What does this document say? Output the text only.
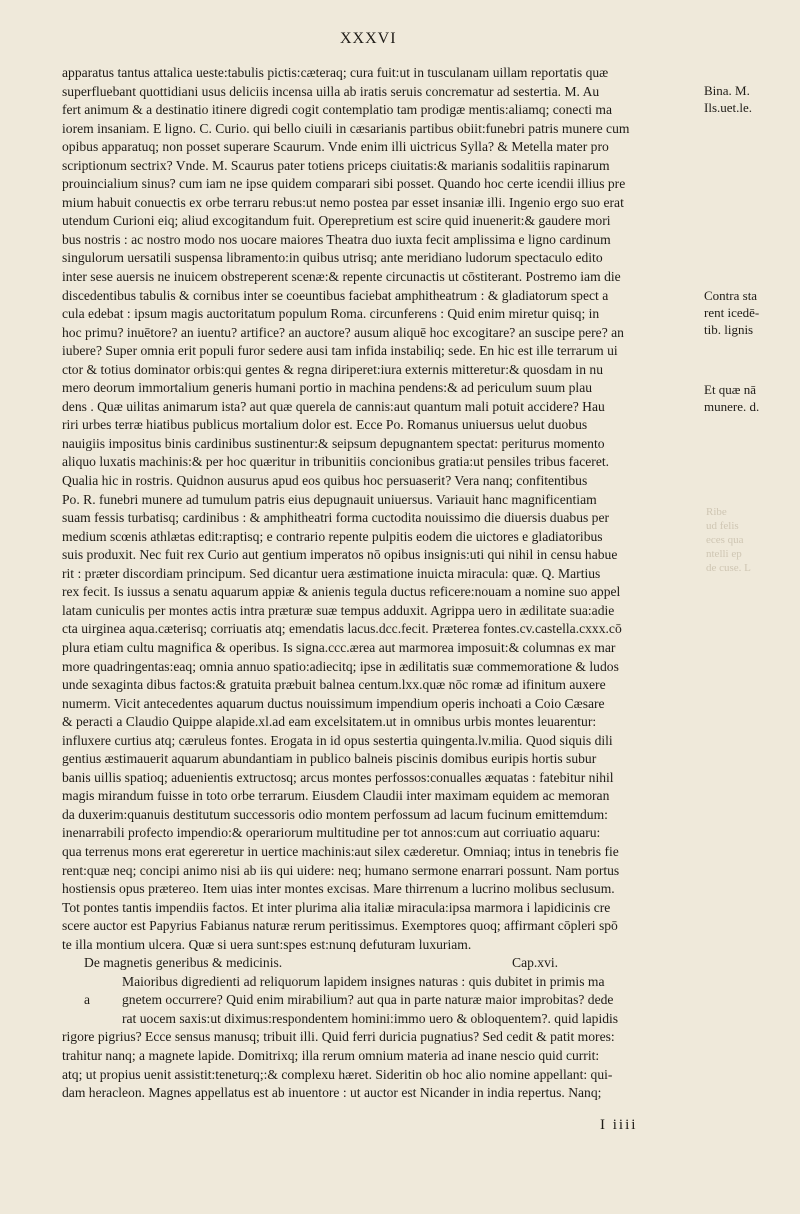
XXXVI
apparatus tantus attalica ueste:tabulis pictis:cæteraq; cura fuit:ut in tusculanam uillam reportatis quæ
superfluebant quottidiani usus deliciis incensa uilla ab iratis seruis concrematur ad sestertia. M. Au
fert animum & a destinatio itinere digredi cogit contemplatio tam prodigæ mentis:aliamq; conecti ma
iorem insaniam. E ligno. C. Curio. qui bello ciuili in cæsarianis partibus obiit:funebri patris munere cum
opibus apparatuq; non posset superare Scaurum. Vnde enim illi uictricus Sylla? & Metella mater pro
scriptionum sectrix? Vnde. M. Scaurus pater totiens priceps ciuitatis:& marianis sodalitiis rapinarum
prouincialium sinus? cum iam ne ipse quidem comparari sibi posset. Quando hoc certe icendii illius pre
mium habuit conuectis ex orbe terraru rebus:ut nemo postea par esset insaniæ illi. Ingenio ergo suo erat
utendum Curioni eiq; aliud excogitandum fuit. Operepretium est scire quid inuenerit:& gaudere mori
bus nostris : ac nostro modo nos uocare maiores Theatra duo iuxta fecit amplissima e ligno cardinum
singulorum uersatili suspensa libramento:in quibus utrisq; ante meridiano ludorum spectaculo edito
inter sese auersis ne inuicem obstreperent scenæ:& repente circunactis ut cōstiterant. Postremo iam die
discedentibus tabulis & cornibus inter se coeuntibus faciebat amphitheatrum : & gladiatorum spect a
cula edebat : ipsum magis auctoritatum populum Roma. circunferens : Quid enim miretur quisq; in
hoc primu? inuētore? an iuentu? artifice? an auctore? ausum aliquē hoc excogitare? an suscipe pere? an
iubere? Super omnia erit populi furor sedere ausi tam infida instabiliq; sede. En hic est ille terrarum ui
ctor & totius dominator orbis:qui gentes & regna diriperet:iura externis mitteretur:& quosdam in nu
mero deorum immortalium generis humani portio in machina pendens:& ad periculum suum plau
dens . Quæ uilitas animarum ista? aut quæ querela de cannis:aut quantum mali potuit accidere? Hau
riri urbes terræ hiatibus publicus mortalium dolor est. Ecce Po. Romanus uniuersus uelut duobus
nauigiis impositus binis cardinibus sustinentur:& seipsum depugnantem spectat: periturus momento
aliquo luxatis machinis:& per hoc quæritur in tribunitiis concionibus gratia:ut pensiles tribus faceret.
Qualia hic in rostris. Quidnon ausurus apud eos quibus hoc persuaserit? Vera nanq; confitentibus
Po. R. funebri munere ad tumulum patris eius depugnauit uniuersus. Variauit hanc magnificentiam
suam fessis turbatisq; cardinibus : & amphitheatri forma cuctodita nouissimo die diuersis duabus per
medium scœnis athlætas edit:raptisq; e contrario repente pulpitis eodem die uictores e gladiatoribus
suis produxit. Nec fuit rex Curio aut gentium imperatos nō opibus insignis:uti qui nihil in censu habue
rit : præter discordiam principum. Sed dicantur uera æstimatione inuicta miracula: quæ. Q. Martius
rex fecit. Is iussus a senatu aquarum appiæ & anienis tegula ductus reficere:nouam a nomine suo appel
latam cuniculis per montes actis intra præturæ suæ tempus adduxit. Agrippa uero in ædilitate sua:adie
cta uirginea aqua.cæterisq; corriuatis atq; emendatis lacus.dcc.fecit. Præterea fontes.cv.castella.cxxx.cō
plura etiam cultu magnifica & operibus. Is signa.ccc.ærea aut marmorea imposuit:& columnas ex mar
more quadringentas:eaq; omnia annuo spatio:adiecitq; ipse in ædilitatis suæ commemoratione & ludos
unde sexaginta dibus factos:& gratuita præbuit balnea centum.lxx.quæ nōc romæ ad ifinitum auxere
numerm. Vicit antecedentes aquarum ductus nouissimum impendium operis inchoati a Coio Cæsare
& peracti a Claudio Quippe alapide.xl.ad eam excelsitatem.ut in omnibus urbis montes leuarentur:
influxere curtius atq; cæruleus fontes. Erogata in id opus sestertia quingenta.lv.milia. Quod siquis dili
gentius æstimauerit aquarum abundantiam in publico balneis piscinis domibus euripis hortis subur
banis uillis spatioq; aduenientis extructosq; arcus montes perfossos:conualles æquatas : fatebitur nihil
magis mirandum fuisse in toto orbe terrarum. Eiusdem Claudii inter maximam equidem ac memoran
da duxerim:quanuis destitutum successoris odio montem perfossum ad lacum fucinum emittemdum:
inenarrabili profecto impendio:& operariorum multitudine per tot annos:cum aut corriuatio aquaru:
qua terrenus mons erat egereretur in uertice machinis:aut silex cæderetur. Omniaq; intus in tenebris fie
rent:quæ neq; concipi animo nisi ab iis qui uidere: neq; humano sermone enarrari possunt. Nam portus
hostiensis opus prætereo. Item uias inter montes excisas. Mare thirrenum a lucrino molibus seclusum.
Tot pontes tantis impendiis factos. Et inter plurima alia italiæ miracula:ipsa marmora i lapidicinis cre
scere auctor est Papyrius Fabianus naturæ rerum peritissimus. Exemptores quoq; affirmant cōpleri spō
te illa montium ulcera. Quæ si uera sunt:spes est:nunq defuturam luxuriam.
De magnetis generibus & medicinis.	Cap.xvi.
Maioribus digredienti ad reliquorum lapidem insignes naturas : quis dubitet in primis ma
a gnetem occurrere? Quid enim mirabilium? aut qua in parte naturæ maior improbitas? dede
rat uocem saxis:ut diximus:respondentem homini:immo uero & obloquentem?. quid lapidis
rigore pigrius? Ecce sensus manusq; tribuit illi. Quid ferri duricia pugnatius? Sed cedit & patit mores:
trahitur nanq; a magnete lapide. Domitrixq; illa rerum omnium materia ad inane nescio quid currit:
atq; ut propius uenit assistit:teneturq;:& complexu hæret. Sideritin ob hoc alio nomine appellant: qui-
dam heracleon. Magnes appellatus est ab inuentore : ut auctor est Nicander in india repertus. Nanq;
Bina. M.
Ils.uet.le.
Contra sta
rent icedē-
tib. lignis
Et quæ nā
munere. d.
Ribe
ud felis
eces qua
ntelli ep
de cuse. L
I iiii
